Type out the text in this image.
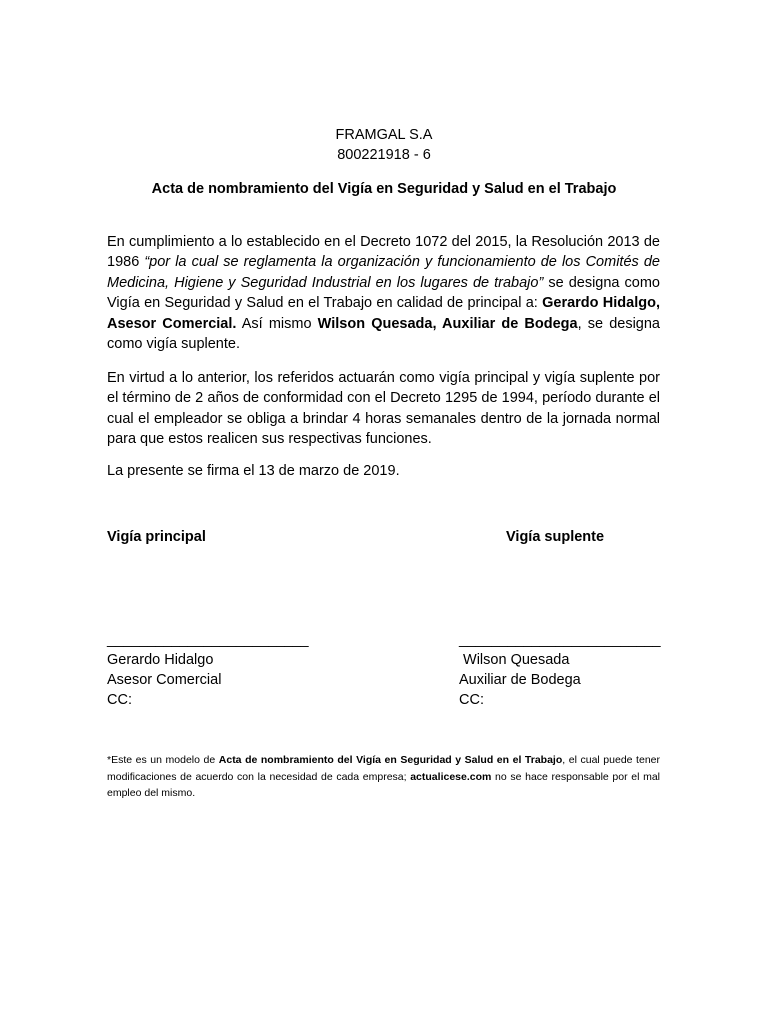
FRAMGAL S.A
800221918 - 6
Acta de nombramiento del Vigía en Seguridad y Salud en el Trabajo
En cumplimiento a lo establecido en el Decreto 1072 del 2015, la Resolución 2013 de 1986 “por la cual se reglamenta la organización y funcionamiento de los Comités de Medicina, Higiene y Seguridad Industrial en los lugares de trabajo” se designa como Vigía en Seguridad y Salud en el Trabajo en calidad de principal a: Gerardo Hidalgo, Asesor Comercial. Así mismo Wilson Quesada, Auxiliar de Bodega, se designa como vigía suplente.
En virtud a lo anterior, los referidos actuarán como vigía principal y vigía suplente por el término de 2 años de conformidad con el Decreto 1295 de 1994, período durante el cual el empleador se obliga a brindar 4 horas semanales dentro de la jornada normal para que estos realicen sus respectivas funciones.
La presente se firma el 13 de marzo de 2019.
Vigía principal	Vigía suplente
_________________________
Gerardo Hidalgo
Asesor Comercial
CC:
_________________________
Wilson Quesada
Auxiliar de Bodega
CC:
*Este es un modelo de Acta de nombramiento del Vigía en Seguridad y Salud en el Trabajo, el cual puede tener modificaciones de acuerdo con la necesidad de cada empresa; actualicese.com no se hace responsable por el mal empleo del mismo.
